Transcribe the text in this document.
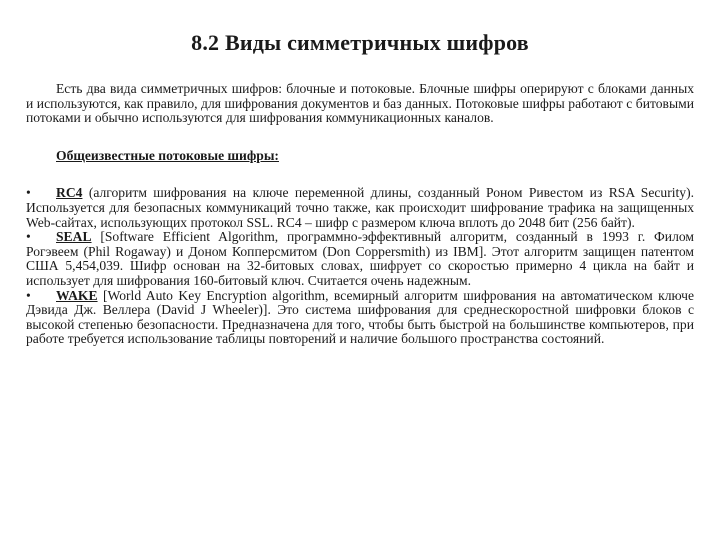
8.2 Виды симметричных шифров

Есть два вида симметричных шифров: блочные и потоковые. Блочные шифры оперируют с блоками данных и используются, как правило, для шифрования документов и баз данных. Потоковые шифры работают с битовыми потоками и обычно используются для шифрования коммуникационных каналов.

Общеизвестные потоковые шифры:

• RC4 (алгоритм шифрования на ключе переменной длины, созданный Роном Ривестом из RSA Security). Используется для безопасных коммуникаций точно также, как происходит шифрование трафика на защищенных Web-сайтах, использующих протокол SSL. RC4 – шифр с размером ключа вплоть до 2048 бит (256 байт).

• SEAL [Software Efficient Algorithm, программно-эффективный алгоритм, созданный в 1993 г. Филом Рогэвеем (Phil Rogaway) и Доном Копперсмитом (Don Coppersmith) из IBM]. Этот алгоритм защищен патентом США 5,454,039. Шифр основан на 32-битовых словах, шифрует со скоростью примерно 4 цикла на байт и использует для шифрования 160-битовый ключ. Считается очень надежным.

• WAKE [World Auto Key Encryption algorithm, всемирный алгоритм шифрования на автоматическом ключе Дэвида Дж. Веллера (David J Wheeler)]. Это система шифрования для среднескоростной шифровки блоков с высокой степенью безопасности. Предназначена для того, чтобы быть быстрой на большинстве компьютеров, при работе требуется использование таблицы повторений и наличие большого пространства состояний.
